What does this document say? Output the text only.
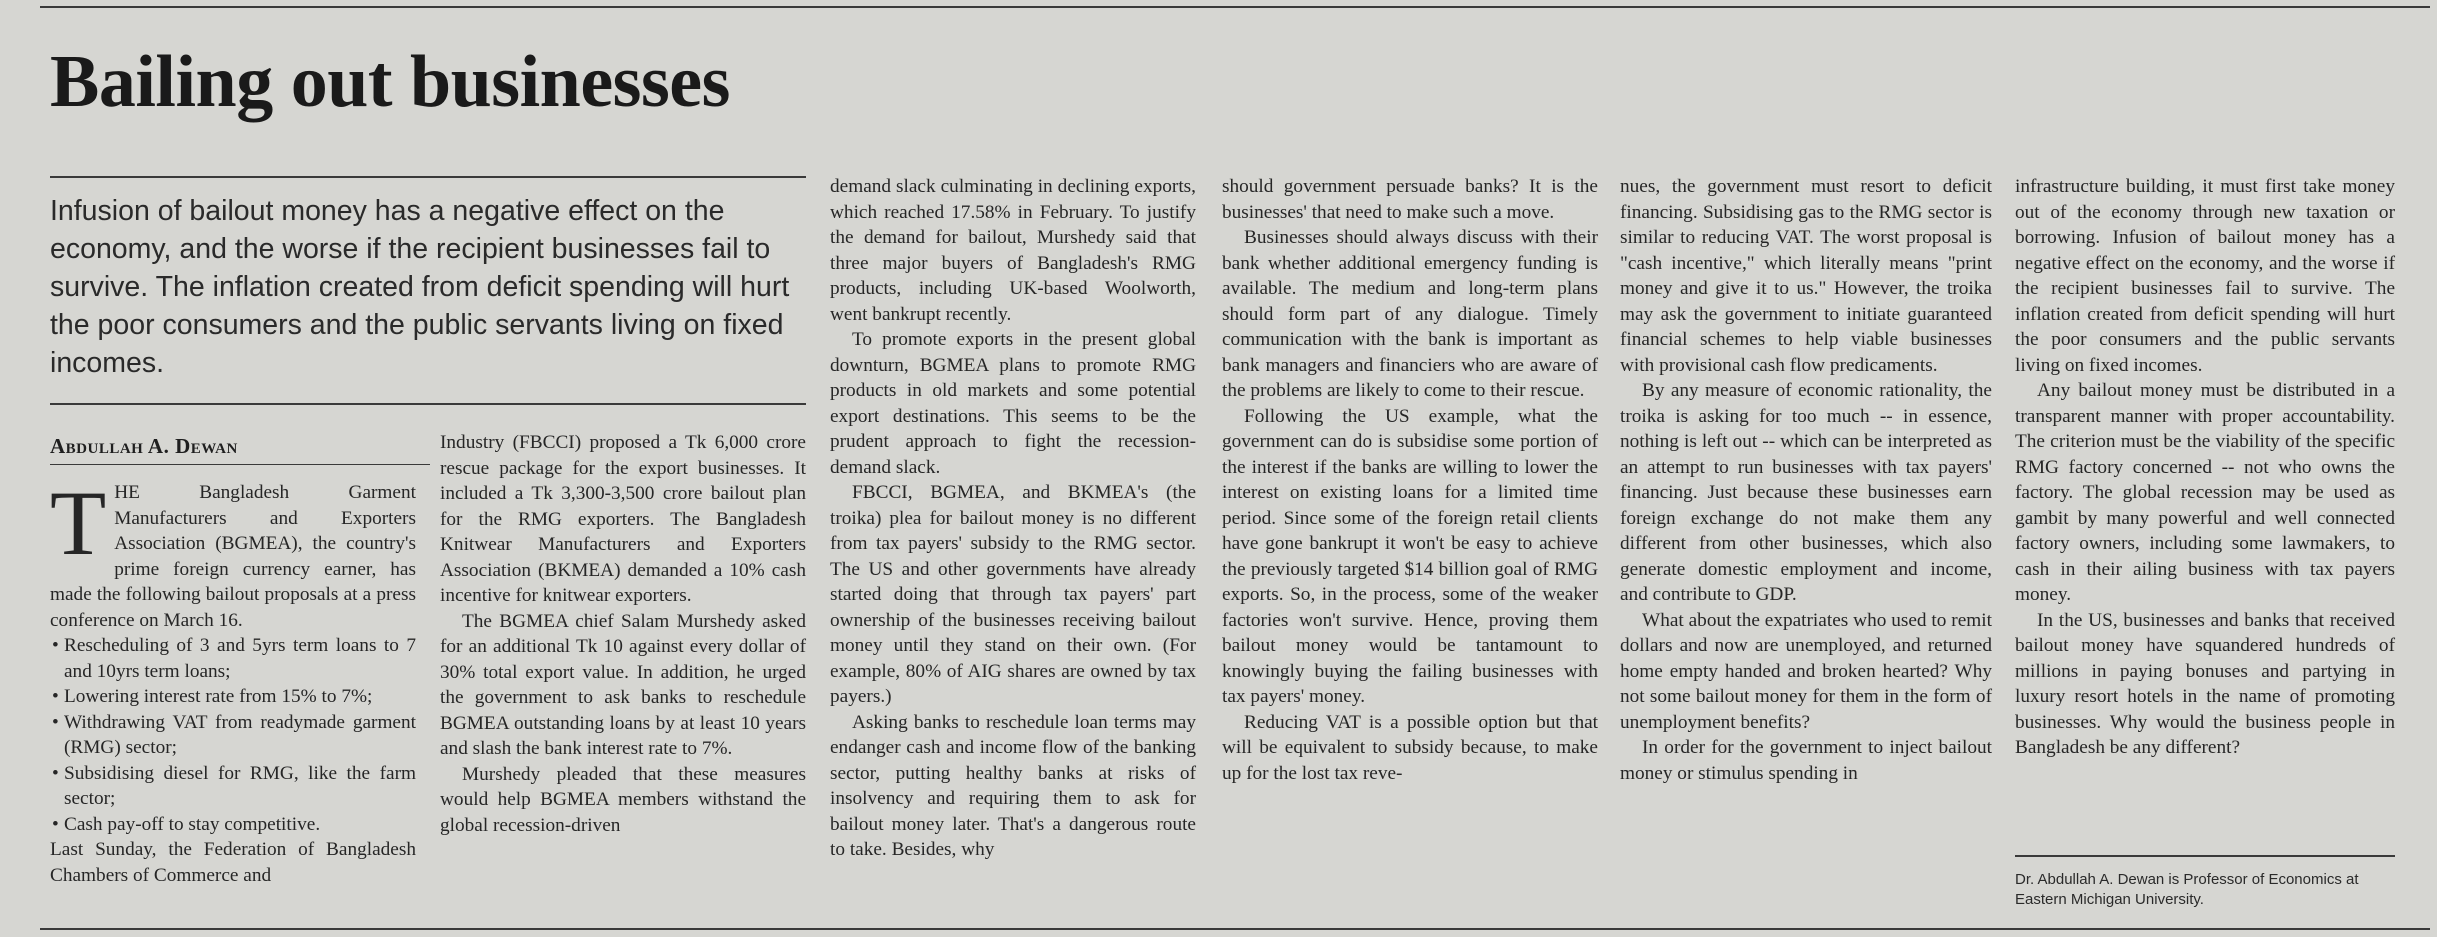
Bailing out businesses
Infusion of bailout money has a negative effect on the economy, and the worse if the recipient businesses fail to survive. The inflation created from deficit spending will hurt the poor consumers and the public servants living on fixed incomes.
Abdullah A. Dewan

THE Bangladesh Garment Manufacturers and Exporters Association (BGMEA), the country's prime foreign currency earner, has made the following bailout proposals at a press conference on March 16.

• Rescheduling of 3 and 5yrs term loans to 7 and 10yrs term loans;
• Lowering interest rate from 15% to 7%;
• Withdrawing VAT from readymade garment (RMG) sector;
• Subsidising diesel for RMG, like the farm sector;
• Cash pay-off to stay competitive.

Last Sunday, the Federation of Bangladesh Chambers of Commerce and

Industry (FBCCI) proposed a Tk 6,000 crore rescue package for the export businesses. It included a Tk 3,300-3,500 crore bailout plan for the RMG exporters. The Bangladesh Knitwear Manufacturers and Exporters Association (BKMEA) demanded a 10% cash incentive for knitwear exporters.

The BGMEA chief Salam Murshedy asked for an additional Tk 10 against every dollar of 30% total export value. In addition, he urged the government to ask banks to reschedule BGMEA outstanding loans by at least 10 years and slash the bank interest rate to 7%.

Murshedy pleaded that these measures would help BGMEA members withstand the global recession-driven

demand slack culminating in declining exports, which reached 17.58% in February. To justify the demand for bailout, Murshedy said that three major buyers of Bangladesh's RMG products, including UK-based Woolworth, went bankrupt recently.

To promote exports in the present global downturn, BGMEA plans to promote RMG products in old markets and some potential export destinations. This seems to be the prudent approach to fight the recession-demand slack.

FBCCI, BGMEA, and BKMEA's (the troika) plea for bailout money is no different from tax payers' subsidy to the RMG sector. The US and other governments have already started doing that through tax payers' part ownership of the businesses receiving bailout money until they stand on their own. (For example, 80% of AIG shares are owned by tax payers.)

Asking banks to reschedule loan terms may endanger cash and income flow of the banking sector, putting healthy banks at risks of insolvency and requiring them to ask for bailout money later. That's a dangerous route to take. Besides, why

should government persuade banks? It is the businesses' that need to make such a move.

Businesses should always discuss with their bank whether additional emergency funding is available. The medium and long-term plans should form part of any dialogue. Timely communication with the bank is important as bank managers and financiers who are aware of the problems are likely to come to their rescue.

Following the US example, what the government can do is subsidise some portion of the interest if the banks are willing to lower the interest on existing loans for a limited time period. Since some of the foreign retail clients have gone bankrupt it won't be easy to achieve the previously targeted $14 billion goal of RMG exports. So, in the process, some of the weaker factories won't survive. Hence, proving them bailout money would be tantamount to knowingly buying the failing businesses with tax payers' money.

Reducing VAT is a possible option but that will be equivalent to subsidy because, to make up for the lost tax reve-

nues, the government must resort to deficit financing. Subsidising gas to the RMG sector is similar to reducing VAT. The worst proposal is "cash incentive," which literally means "print money and give it to us." However, the troika may ask the government to initiate guaranteed financial schemes to help viable businesses with provisional cash flow predicaments.

By any measure of economic rationality, the troika is asking for too much -- in essence, nothing is left out -- which can be interpreted as an attempt to run businesses with tax payers' financing. Just because these businesses earn foreign exchange do not make them any different from other businesses, which also generate domestic employment and income, and contribute to GDP.

What about the expatriates who used to remit dollars and now are unemployed, and returned home empty handed and broken hearted? Why not some bailout money for them in the form of unemployment benefits?

In order for the government to inject bailout money or stimulus spending in

infrastructure building, it must first take money out of the economy through new taxation or borrowing. Infusion of bailout money has a negative effect on the economy, and the worse if the recipient businesses fail to survive. The inflation created from deficit spending will hurt the poor consumers and the public servants living on fixed incomes.

Any bailout money must be distributed in a transparent manner with proper accountability. The criterion must be the viability of the specific RMG factory concerned -- not who owns the factory. The global recession may be used as gambit by many powerful and well connected factory owners, including some lawmakers, to cash in their ailing business with tax payers money.

In the US, businesses and banks that received bailout money have squandered hundreds of millions in paying bonuses and partying in luxury resort hotels in the name of promoting businesses. Why would the business people in Bangladesh be any different?

Dr. Abdullah A. Dewan is Professor of Economics at Eastern Michigan University.
